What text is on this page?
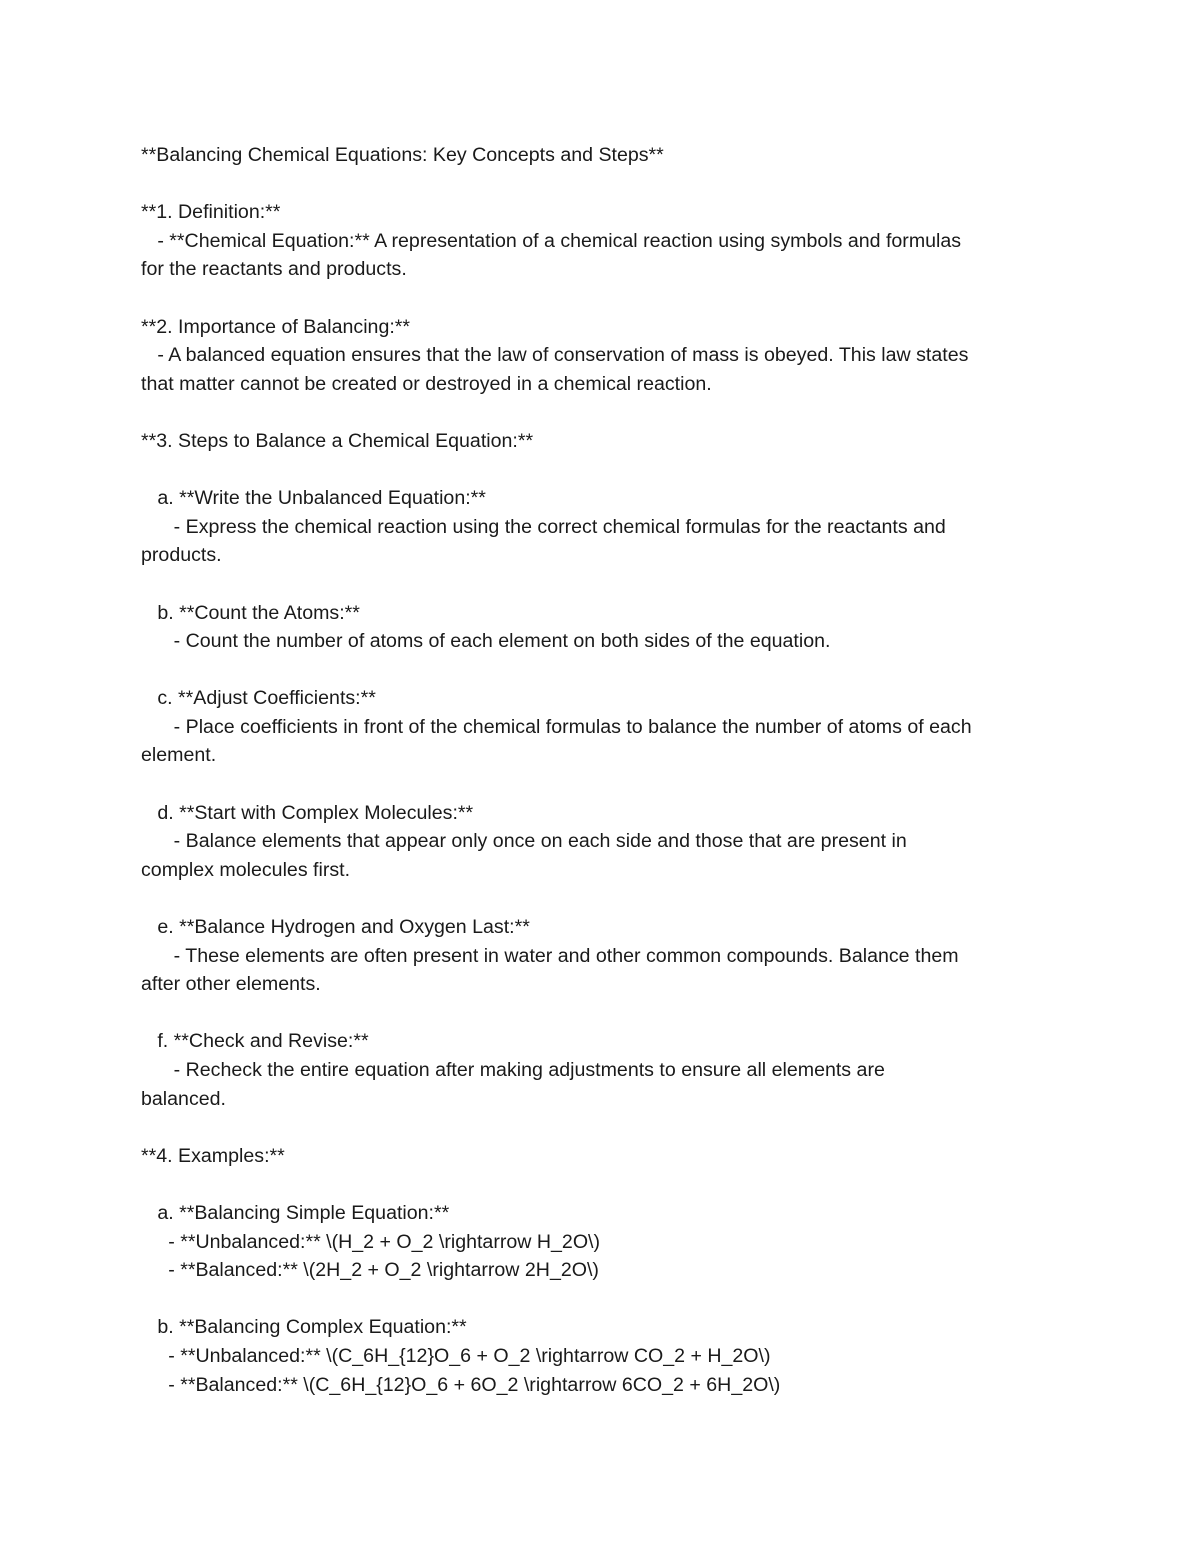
**Balancing Chemical Equations: Key Concepts and Steps**
**1. Definition:**
- **Chemical Equation:** A representation of a chemical reaction using symbols and formulas
for the reactants and products.
**2. Importance of Balancing:**
- A balanced equation ensures that the law of conservation of mass is obeyed. This law states
that matter cannot be created or destroyed in a chemical reaction.
**3. Steps to Balance a Chemical Equation:**
a. **Write the Unbalanced Equation:**
- Express the chemical reaction using the correct chemical formulas for the reactants and
products.
b. **Count the Atoms:**
- Count the number of atoms of each element on both sides of the equation.
c. **Adjust Coefficients:**
- Place coefficients in front of the chemical formulas to balance the number of atoms of each
element.
d. **Start with Complex Molecules:**
- Balance elements that appear only once on each side and those that are present in
complex molecules first.
e. **Balance Hydrogen and Oxygen Last:**
- These elements are often present in water and other common compounds. Balance them
after other elements.
f. **Check and Revise:**
- Recheck the entire equation after making adjustments to ensure all elements are
balanced.
**4. Examples:**
a. **Balancing Simple Equation:**
- **Unbalanced:** \(H_2 + O_2 \rightarrow H_2O\)
- **Balanced:** \(2H_2 + O_2 \rightarrow 2H_2O\)
b. **Balancing Complex Equation:**
- **Unbalanced:** \(C_6H_{12}O_6 + O_2 \rightarrow CO_2 + H_2O\)
- **Balanced:** \(C_6H_{12}O_6 + 6O_2 \rightarrow 6CO_2 + 6H_2O\)
